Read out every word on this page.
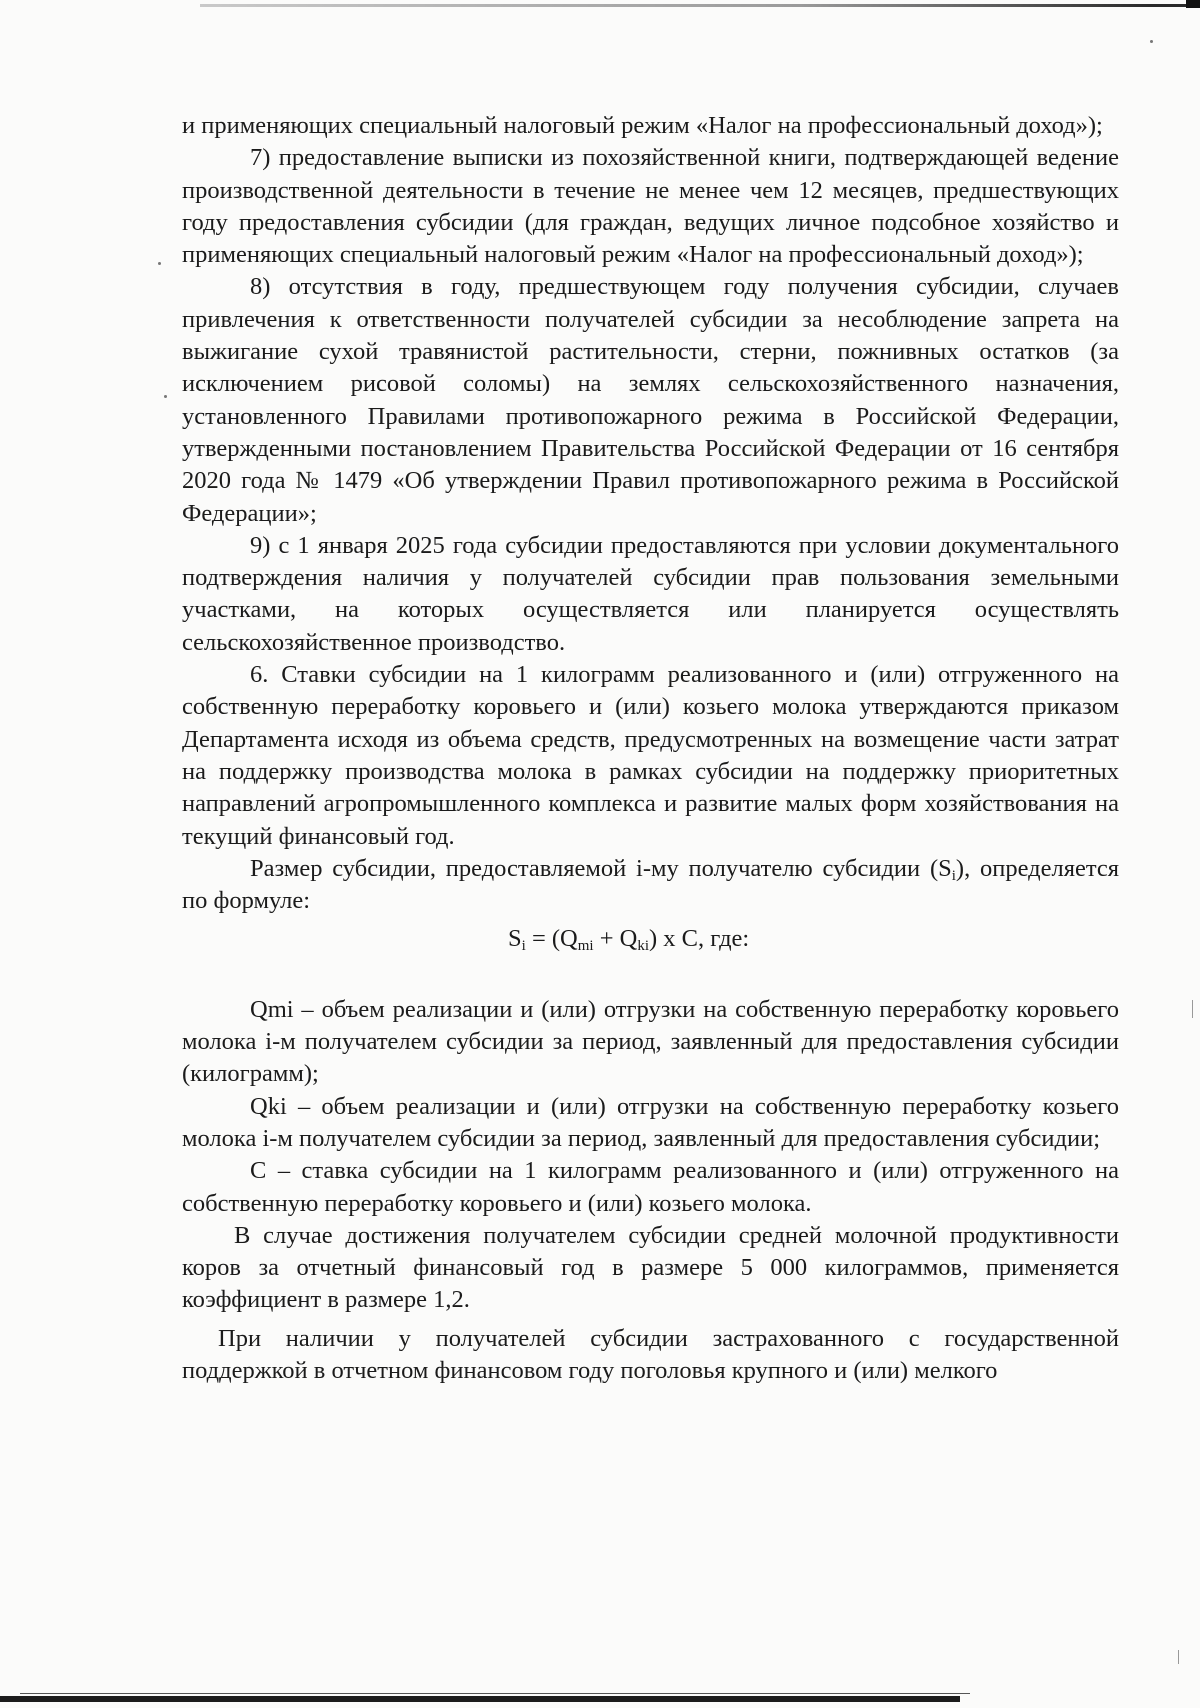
и применяющих специальный налоговый режим «Налог на профессиональный доход»);

7) предоставление выписки из похозяйственной книги, подтверждающей ведение производственной деятельности в течение не менее чем 12 месяцев, предшествующих году предоставления субсидии (для граждан, ведущих личное подсобное хозяйство и применяющих специальный налоговый режим «Налог на профессиональный доход»);

8) отсутствия в году, предшествующем году получения субсидии, случаев привлечения к ответственности получателей субсидии за несоблюдение запрета на выжигание сухой травянистой растительности, стерни, пожнивных остатков (за исключением рисовой соломы) на землях сельскохозяйственного назначения, установленного Правилами противопожарного режима в Российской Федерации, утвержденными постановлением Правительства Российской Федерации от 16 сентября 2020 года № 1479 «Об утверждении Правил противопожарного режима в Российской Федерации»;

9) с 1 января 2025 года субсидии предоставляются при условии документального подтверждения наличия у получателей субсидии прав пользования земельными участками, на которых осуществляется или планируется осуществлять сельскохозяйственное производство.

6. Ставки субсидии на 1 килограмм реализованного и (или) отгруженного на собственную переработку коровьего и (или) козьего молока утверждаются приказом Департамента исходя из объема средств, предусмотренных на возмещение части затрат на поддержку производства молока в рамках субсидии на поддержку приоритетных направлений агропромышленного комплекса и развитие малых форм хозяйствования на текущий финансовый год.

Размер субсидии, предоставляемой i-му получателю субсидии $(S_i)$, определяется по формуле:

$S_i = (Q_{mi} + Q_{ki})$ x C, где:

Qmi – объем реализации и (или) отгрузки на собственную переработку коровьего молока i-м получателем субсидии за период, заявленный для предоставления субсидии (килограмм);

Qki – объем реализации и (или) отгрузки на собственную переработку козьего молока i-м получателем субсидии за период, заявленный для предоставления субсидии;

C – ставка субсидии на 1 килограмм реализованного и (или) отгруженного на собственную переработку коровьего и (или) козьего молока.

В случае достижения получателем субсидии средней молочной продуктивности коров за отчетный финансовый год в размере 5 000 килограммов, применяется коэффициент в размере 1,2.

При наличии у получателей субсидии застрахованного с государственной поддержкой в отчетном финансовом году поголовья крупного и (или) мелкого
